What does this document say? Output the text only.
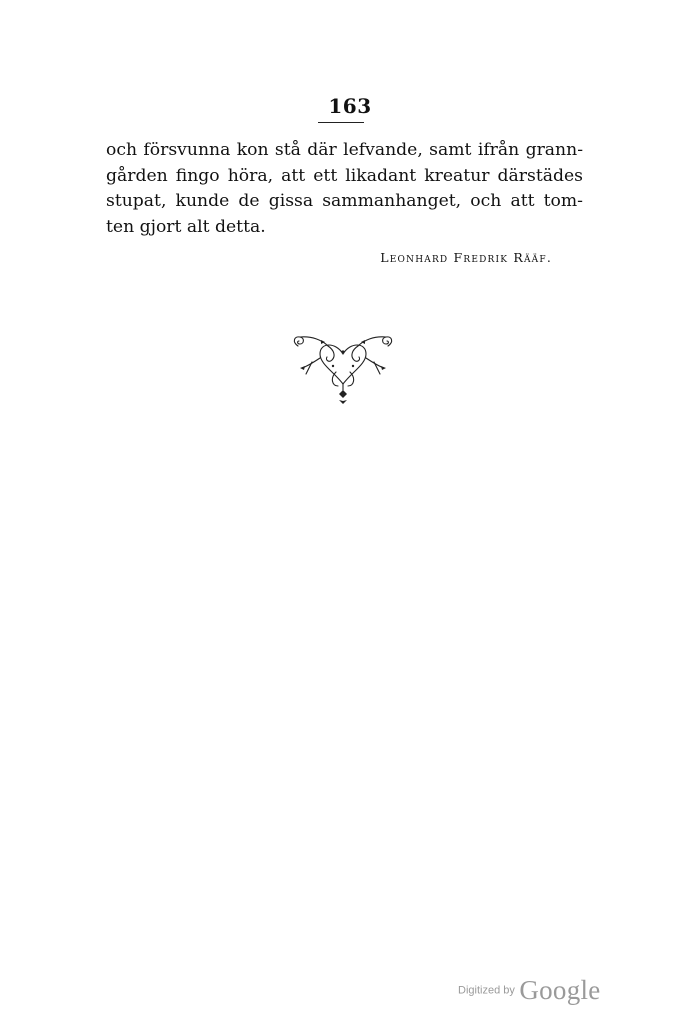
163
och försvunna kon stå där lefvande, samt ifrån grann-
gården fingo höra, att ett likadant kreatur därstädes
stupat, kunde de gissa sammanhanget, och att tom-
ten gjort alt detta.
Leonhard Fredrik Rääf.
Digitized by Google
